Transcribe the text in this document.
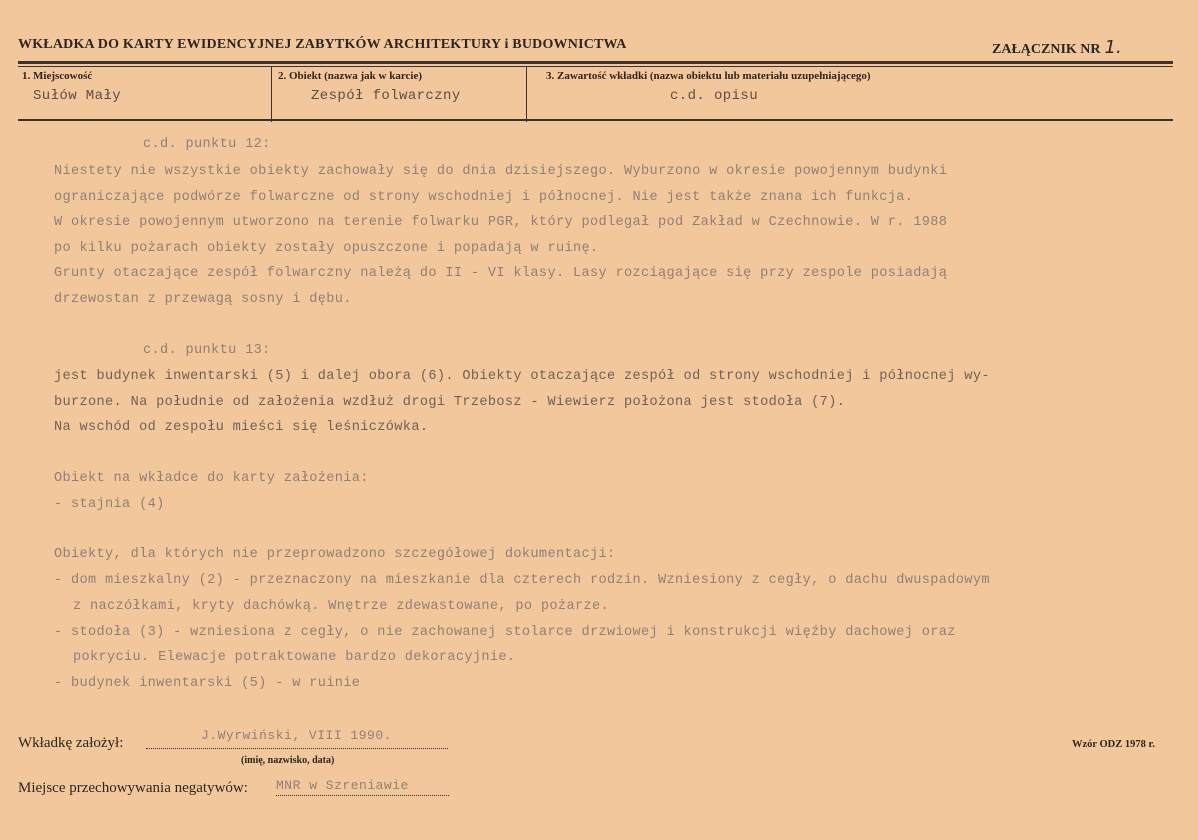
WKŁADKA DO KARTY EWIDENCYJNEJ ZABYTKÓW ARCHITEKTURY i BUDOWNICTWA	ZAŁĄCZNIK NR 1.
1. Miejscowość
Sułów Mały
2. Obiekt (nazwa jak w karcie)
Zespół folwarczny
3. Zawartość wkładki (nazwa obiektu lub materiału uzupełniającego)
c.d. opisu
c.d. punktu 12:
Niestety nie wszystkie obiekty zachowały się do dnia dzisiejszego. Wyburzono w okresie powojennym budynki
ograniczające podwórze folwarczne od strony wschodniej i północnej. Nie jest także znana ich funkcja.
W okresie powojennym utworzono na terenie folwarku PGR, który podlegał pod Zakład w Czechnowie. W r. 1988
po kilku pożarach obiekty zostały opuszczone i popadają w ruinę.
Grunty otaczające zespół folwarczny należą do II - VI klasy. Lasy rozciągające się przy zespole posiadają
drzewostan z przewagą sosny i dębu.
c.d. punktu 13:
jest budynek inwentarski (5) i dalej obora (6). Obiekty otaczające zespół od strony wschodniej i północnej wy-
burzone. Na południe od założenia wzdłuż drogi Trzebosz - Wiewierz położona jest stodoła (7).
Na wschód od zespołu mieści się leśniczówka.
Obiekt na wkładce do karty założenia:
- stajnia (4)
Obiekty, dla których nie przeprowadzono szczegółowej dokumentacji:
- dom mieszkalny (2) - przeznaczony na mieszkanie dla czterech rodzin. Wzniesiony z cegły, o dachu dwuspadowym
z naczółkami, kryty dachówką. Wnętrze zdewastowane, po pożarze.
- stodoła (3) - wzniesiona z cegły, o nie zachowanej stolarce drzwiowej i konstrukcji więźby dachowej oraz
pokryciu. Elewacje potraktowane bardzo dekoracyjnie.
- budynek inwentarski (5) - w ruinie
Wkładkę założył:	J.Wyrwiński, VIII 1990.
(imię, nazwisko, data)
Miejsce przechowywania negatywów: MNR w Szreniawie
Wzór ODZ 1978 r.
